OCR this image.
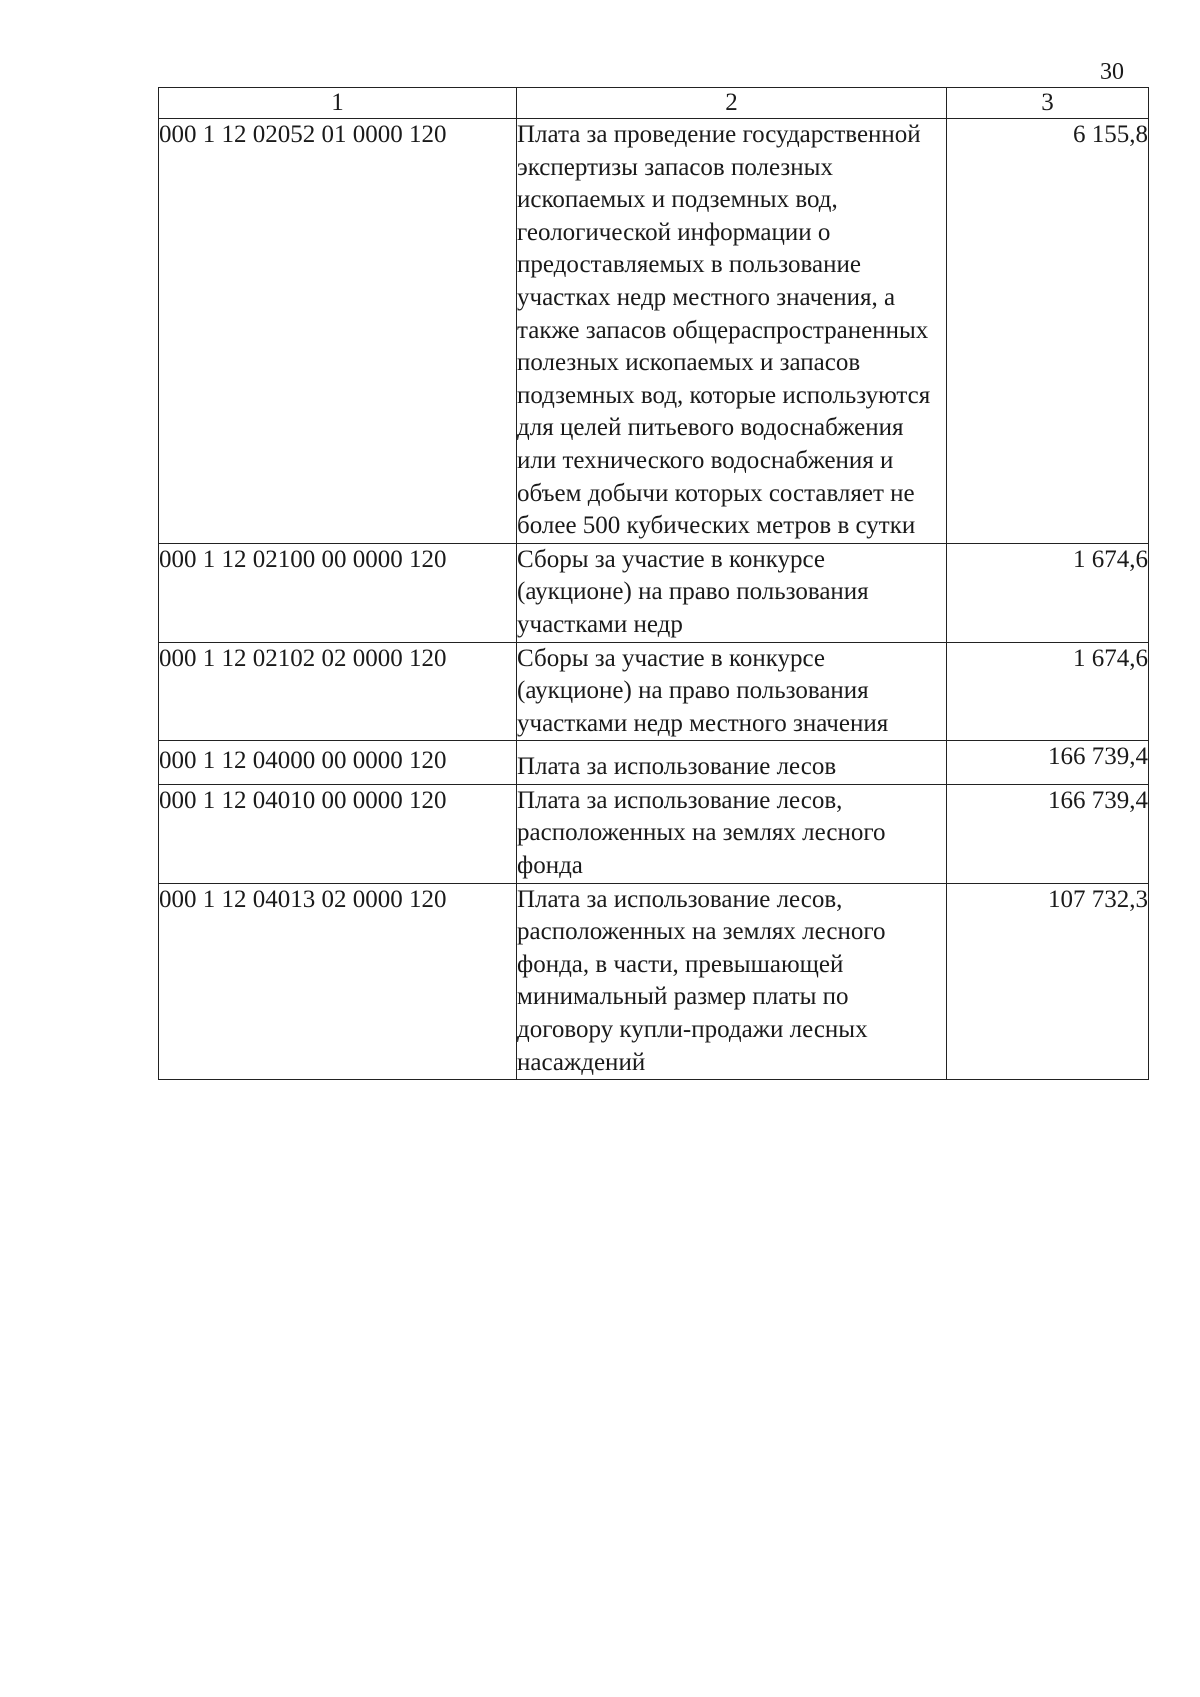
30
1	2	3
000 1 12 02052 01 0000 120	Плата за проведение государственной экспертизы запасов полезных ископаемых и подземных вод, геологической информации о предоставляемых в пользование участках недр местного значения, а также запасов общераспространенных полезных ископаемых и запасов подземных вод, которые используются для целей питьевого водоснабжения или технического водоснабжения и объем добычи которых составляет не более 500 кубических метров в сутки	6 155,8
000 1 12 02100 00 0000 120	Сборы за участие в конкурсе (аукционе) на право пользования участками недр	1 674,6
000 1 12 02102 02 0000 120	Сборы за участие в конкурсе (аукционе) на право пользования участками недр местного значения	1 674,6
000 1 12 04000 00 0000 120	Плата за использование лесов	166 739,4
000 1 12 04010 00 0000 120	Плата за использование лесов, расположенных на землях лесного фонда	166 739,4
000 1 12 04013 02 0000 120	Плата за использование лесов, расположенных на землях лесного фонда, в части, превышающей минимальный размер платы по договору купли-продажи лесных насаждений	107 732,3
